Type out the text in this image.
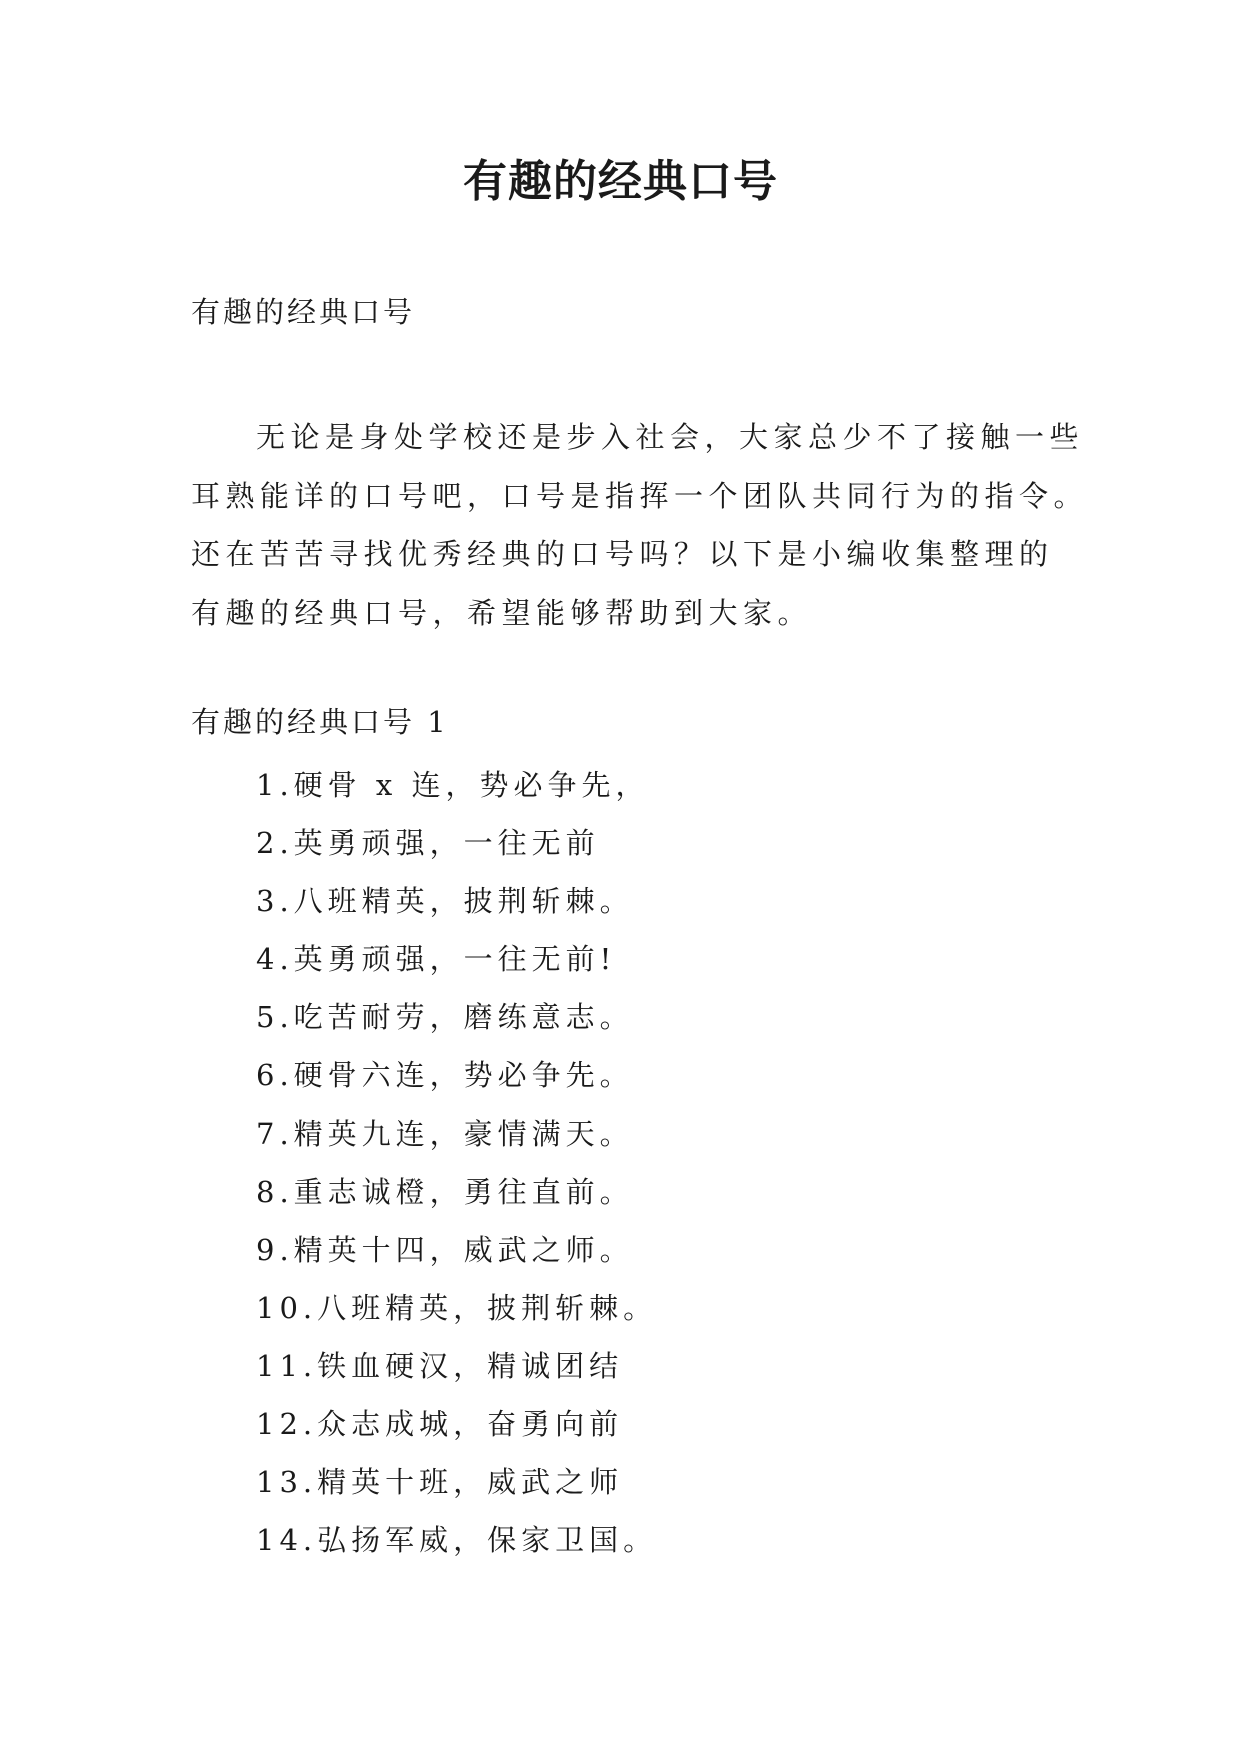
有趣的经典口号

有趣的经典口号

无论是身处学校还是步入社会，大家总少不了接触一些
耳熟能详的口号吧，口号是指挥一个团队共同行为的指令。
还在苦苦寻找优秀经典的口号吗？以下是小编收集整理的
有趣的经典口号，希望能够帮助到大家。

有趣的经典口号 1

1.硬骨 x 连，势必争先，
2.英勇顽强，一往无前
3.八班精英，披荆斩棘。
4.英勇顽强，一往无前!
5.吃苦耐劳，磨练意志。
6.硬骨六连，势必争先。
7.精英九连，豪情满天。
8.重志诚橙，勇往直前。
9.精英十四，威武之师。
10.八班精英，披荆斩棘。
11.铁血硬汉，精诚团结
12.众志成城，奋勇向前
13.精英十班，威武之师
14.弘扬军威，保家卫国。
